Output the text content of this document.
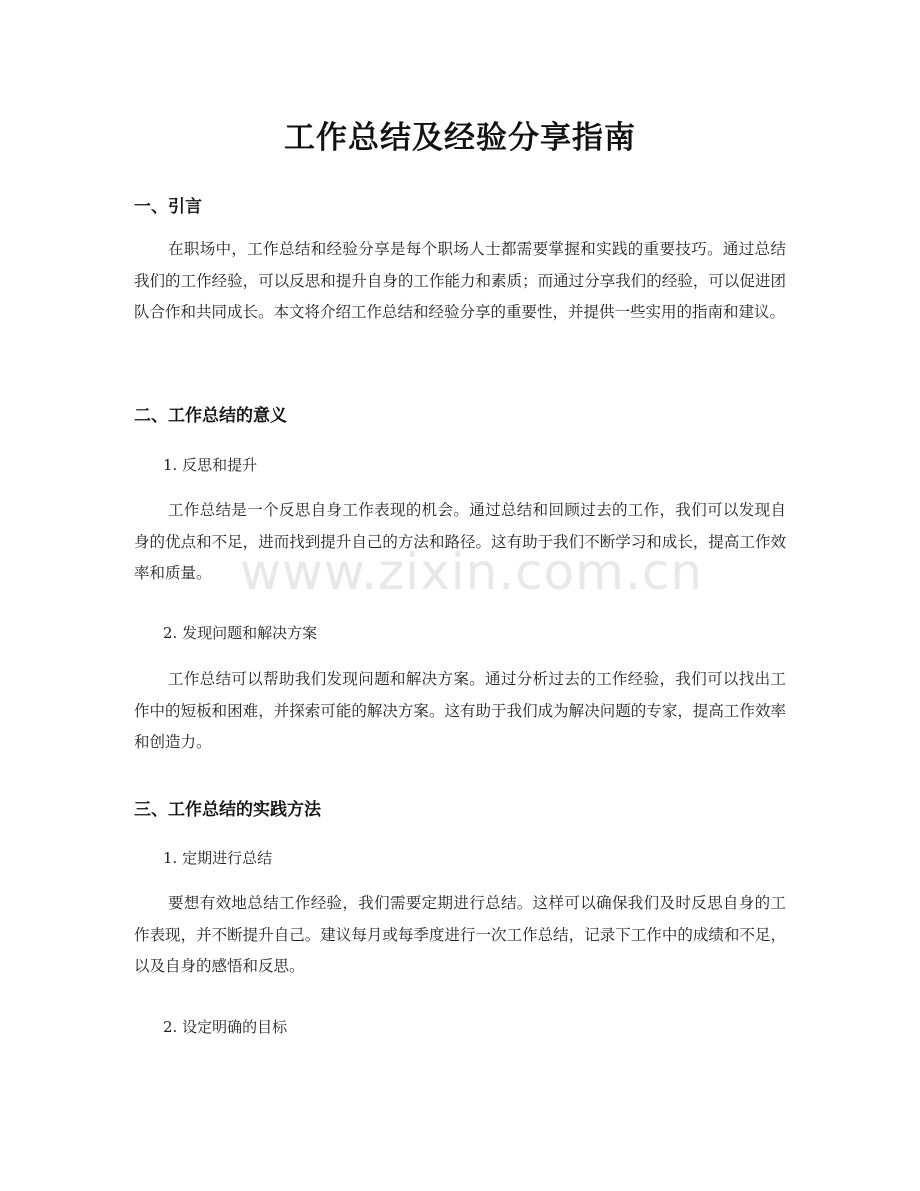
工作总结及经验分享指南
一、引言
在职场中，工作总结和经验分享是每个职场人士都需要掌握和实践的重要技巧。通过总结我们的工作经验，可以反思和提升自身的工作能力和素质；而通过分享我们的经验，可以促进团队合作和共同成长。本文将介绍工作总结和经验分享的重要性，并提供一些实用的指南和建议。
二、工作总结的意义
1. 反思和提升
工作总结是一个反思自身工作表现的机会。通过总结和回顾过去的工作，我们可以发现自身的优点和不足，进而找到提升自己的方法和路径。这有助于我们不断学习和成长，提高工作效率和质量。
2. 发现问题和解决方案
工作总结可以帮助我们发现问题和解决方案。通过分析过去的工作经验，我们可以找出工作中的短板和困难，并探索可能的解决方案。这有助于我们成为解决问题的专家，提高工作效率和创造力。
三、工作总结的实践方法
1. 定期进行总结
要想有效地总结工作经验，我们需要定期进行总结。这样可以确保我们及时反思自身的工作表现，并不断提升自己。建议每月或每季度进行一次工作总结，记录下工作中的成绩和不足，以及自身的感悟和反思。
2. 设定明确的目标
www.zixin.com.cn
